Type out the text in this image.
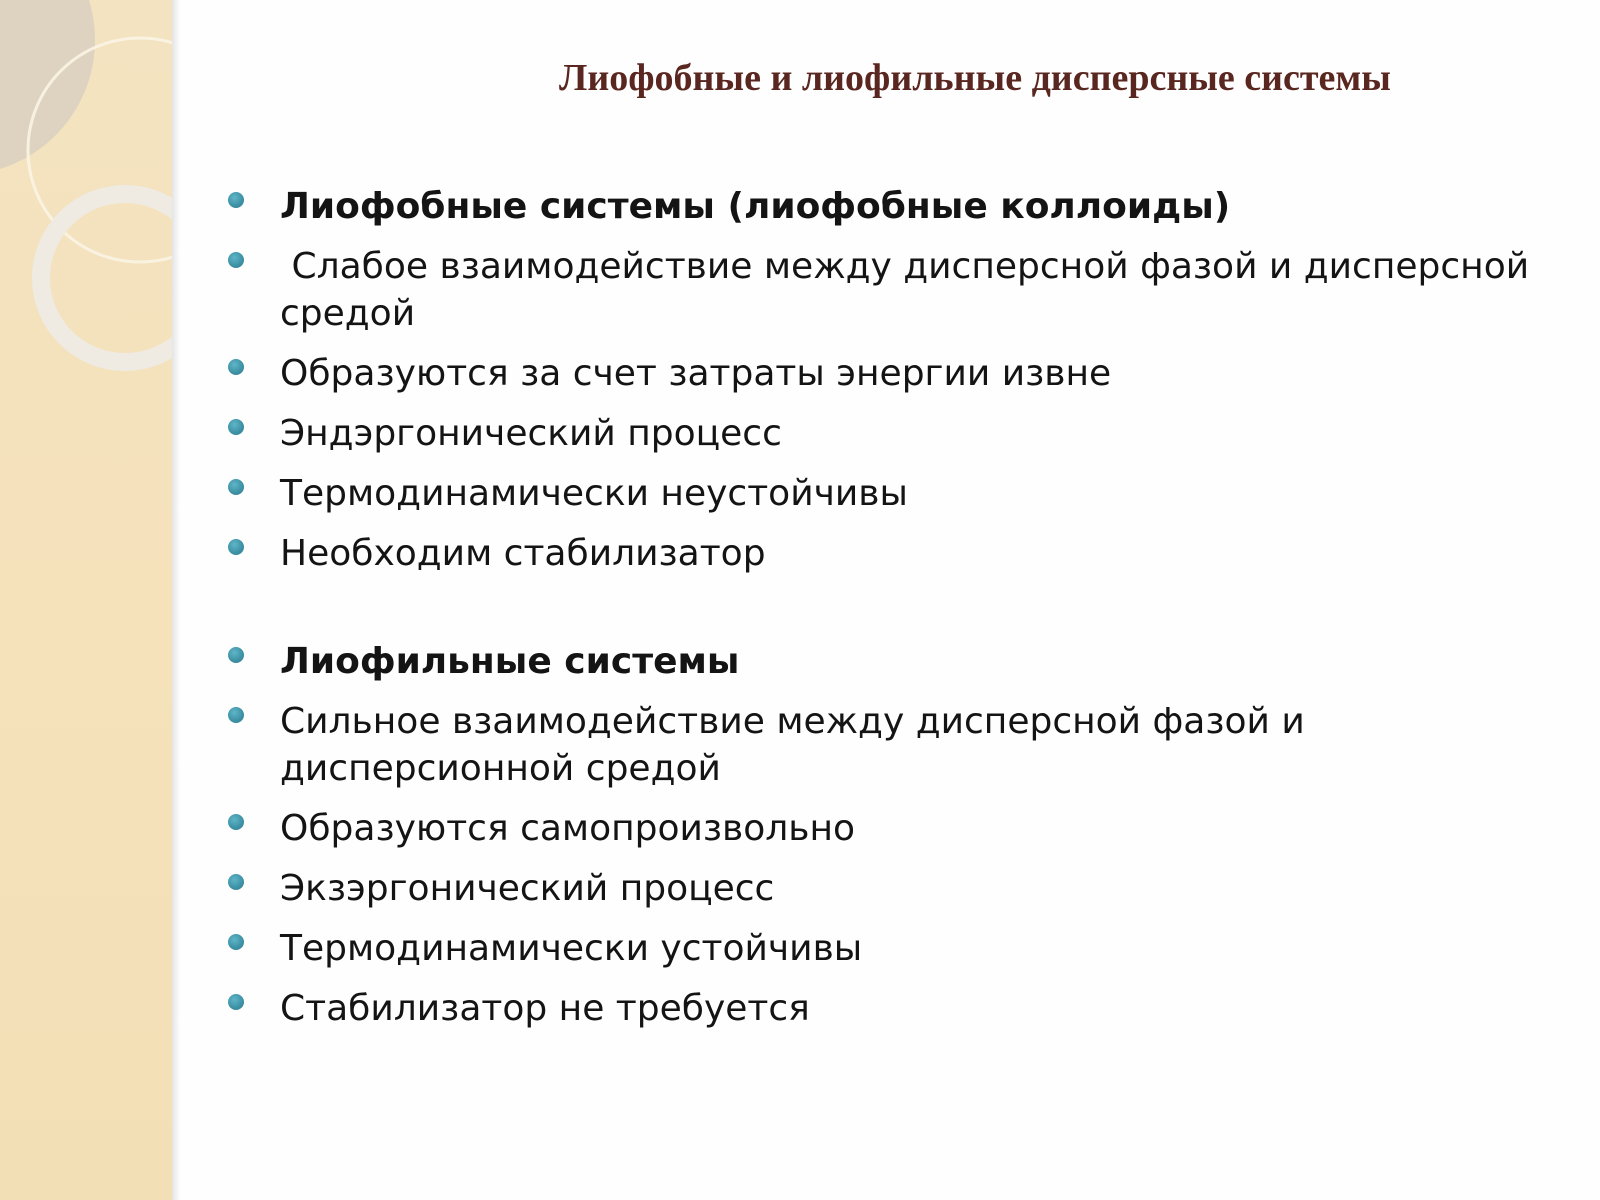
Лиофобные и лиофильные дисперсные системы
Лиофобные системы (лиофобные коллоиды)
Слабое взаимодействие между дисперсной фазой и дисперсной средой
Образуются за счет затраты энергии извне
Эндэргонический процесс
Термодинамически неустойчивы
Необходим стабилизатор
Лиофильные системы
Сильное взаимодействие между дисперсной фазой и дисперсионной средой
Образуются самопроизвольно
Экзэргонический процесс
Термодинамически устойчивы
Стабилизатор не требуется
